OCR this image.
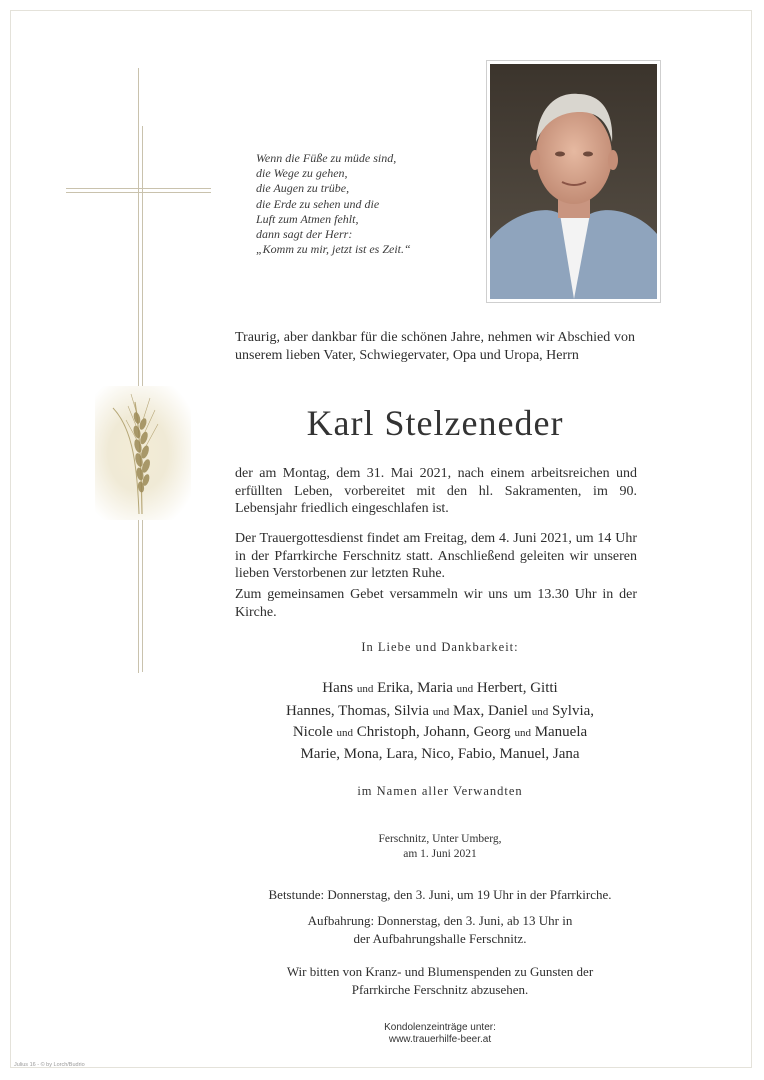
Wenn die Füße zu müde sind,
die Wege zu gehen,
die Augen zu trübe,
die Erde zu sehen und die
Luft zum Atmen fehlt,
dann sagt der Herr:
„Komm zu mir, jetzt ist es Zeit.“
Traurig, aber dankbar für die schönen Jahre, nehmen wir Abschied von unserem lieben Vater, Schwiegervater, Opa und Uropa, Herrn
Karl Stelzeneder
der am Montag, dem 31. Mai 2021, nach einem arbeitsreichen und erfüllten Leben, vorbereitet mit den hl. Sakramenten, im 90. Lebensjahr friedlich eingeschlafen ist.
Der Trauergottesdienst findet am Freitag, dem 4. Juni 2021, um 14 Uhr in der Pfarrkirche Ferschnitz statt. Anschließend geleiten wir unseren lieben Verstorbenen zur letzten Ruhe.
Zum gemeinsamen Gebet versammeln wir uns um 13.30 Uhr in der Kirche.
In Liebe und Dankbarkeit:
Hans und Erika, Maria und Herbert, Gitti
Hannes, Thomas, Silvia und Max, Daniel und Sylvia,
Nicole und Christoph, Johann, Georg und Manuela
Marie, Mona, Lara, Nico, Fabio, Manuel, Jana
im Namen aller Verwandten
Ferschnitz, Unter Umberg,
am 1. Juni 2021
Betstunde: Donnerstag, den 3. Juni, um 19 Uhr in der Pfarrkirche.
Aufbahrung: Donnerstag, den 3. Juni, ab 13 Uhr in
der Aufbahrungshalle Ferschnitz.
Wir bitten von Kranz- und Blumenspenden zu Gunsten der
Pfarrkirche Ferschnitz abzusehen.
Kondolenzeinträge unter:
www.trauerhilfe-beer.at
Julius 16 - © by Lorch/Budrio
